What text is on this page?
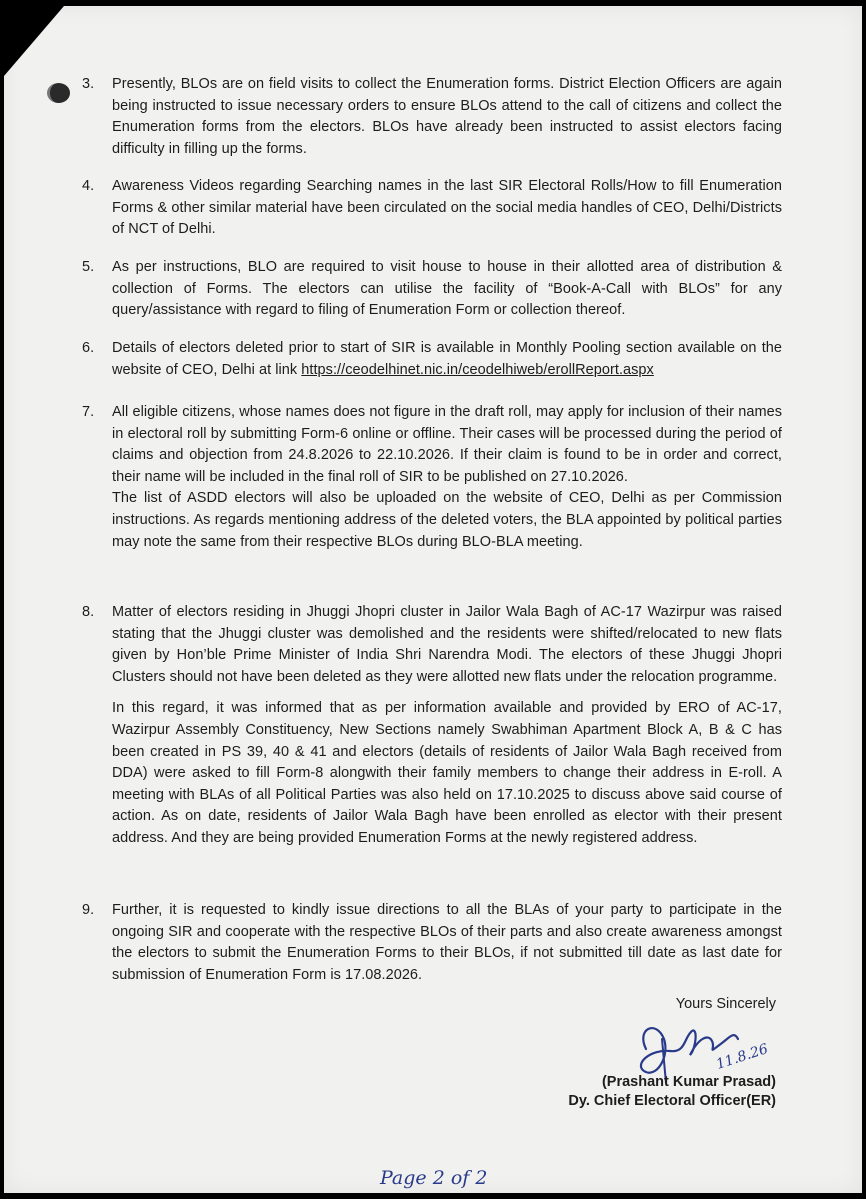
3.	Presently, BLOs are on field visits to collect the Enumeration forms. District Election Officers are again being instructed to issue necessary orders to ensure BLOs attend to the call of citizens and collect the Enumeration forms from the electors. BLOs have already been instructed to assist electors facing difficulty in filling up the forms.

4.	Awareness Videos regarding Searching names in the last SIR Electoral Rolls/How to fill Enumeration Forms & other similar material have been circulated on the social media handles of CEO, Delhi/Districts of NCT of Delhi.

5.	As per instructions, BLO are required to visit house to house in their allotted area of distribution & collection of Forms. The electors can utilise the facility of “Book-A-Call with BLOs” for any query/assistance with regard to filing of Enumeration Form or collection thereof.

6.	Details of electors deleted prior to start of SIR is available in Monthly Pooling section available on the website of CEO, Delhi at link https://ceodelhinet.nic.in/ceodelhiweb/erollReport.aspx

7.	All eligible citizens, whose names does not figure in the draft roll, may apply for inclusion of their names in electoral roll by submitting Form-6 online or offline. Their cases will be processed during the period of claims and objection from 24.8.2026 to 22.10.2026. If their claim is found to be in order and correct, their name will be included in the final roll of SIR to be published on 27.10.2026.

The list of ASDD electors will also be uploaded on the website of CEO, Delhi as per Commission instructions. As regards mentioning address of the deleted voters, the BLA appointed by political parties may note the same from their respective BLOs during BLO-BLA meeting.

8.	Matter of electors residing in Jhuggi Jhopri cluster in Jailor Wala Bagh of AC-17 Wazirpur was raised stating that the Jhuggi cluster was demolished and the residents were shifted/relocated to new flats given by Hon’ble Prime Minister of India Shri Narendra Modi. The electors of these Jhuggi Jhopri Clusters should not have been deleted as they were allotted new flats under the relocation programme.

In this regard, it was informed that as per information available and provided by ERO of AC-17, Wazirpur Assembly Constituency, New Sections namely Swabhiman Apartment Block A, B & C has been created in PS 39, 40 & 41 and electors (details of residents of Jailor Wala Bagh received from DDA) were asked to fill Form-8 alongwith their family members to change their address in E-roll. A meeting with BLAs of all Political Parties was also held on 17.10.2025 to discuss above said course of action. As on date, residents of Jailor Wala Bagh have been enrolled as elector with their present address. And they are being provided Enumeration Forms at the newly registered address.

9.	Further, it is requested to kindly issue directions to all the BLAs of your party to participate in the ongoing SIR and cooperate with the respective BLOs of their parts and also create awareness amongst the electors to submit the Enumeration Forms to their BLOs, if not submitted till date as last date for submission of Enumeration Form is 17.08.2026.

Yours Sincerely
11.8.26
(Prashant Kumar Prasad)
Dy. Chief Electoral Officer(ER)
Page 2 of 2
